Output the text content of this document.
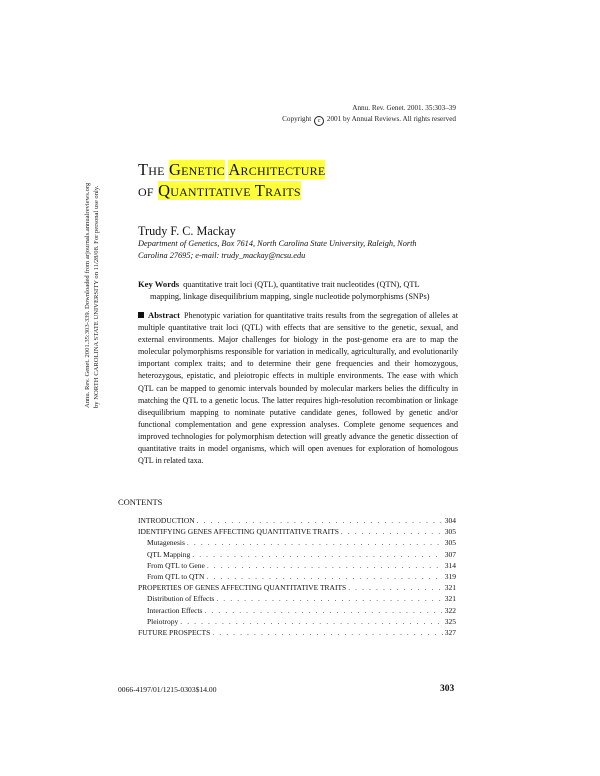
Annu. Rev. Genet. 2001. 35:303–39
Copyright c 2001 by Annual Reviews. All rights reserved
THE GENETIC ARCHITECTURE
OF QUANTITATIVE TRAITS
Trudy F. C. Mackay
Department of Genetics, Box 7614, North Carolina State University, Raleigh, North
Carolina 27695; e-mail: trudy_mackay@ncsu.edu
Key Words quantitative trait loci (QTL), quantitative trait nucleotides (QTN), QTL
mapping, linkage disequilibrium mapping, single nucleotide polymorphisms (SNPs)
Abstract Phenotypic variation for quantitative traits results from the segregation of alleles at multiple quantitative trait loci (QTL) with effects that are sensitive to the genetic, sexual, and external environments. Major challenges for biology in the post-genome era are to map the molecular polymorphisms responsible for variation in medically, agriculturally, and evolutionarily important complex traits; and to determine their gene frequencies and their homozygous, heterozygous, epistatic, and pleiotropic effects in multiple environments. The ease with which QTL can be mapped to genomic intervals bounded by molecular markers belies the difficulty in matching the QTL to a genetic locus. The latter requires high-resolution recombination or linkage disequilibrium mapping to nominate putative candidate genes, followed by genetic and/or functional complementation and gene expression analyses. Complete genome sequences and improved technologies for polymorphism detection will greatly advance the genetic dissection of quantitative traits in model organisms, which will open avenues for exploration of homologous QTL in related taxa.
Annu. Rev. Genet. 2001.35:303-339. Downloaded from arjournals.annualreviews.org by NORTH CAROLINA STATE UNIVERSITY on 11/28/08. For personal use only.
CONTENTS
INTRODUCTION . . .	304
IDENTIFYING GENES AFFECTING QUANTITATIVE TRAITS . . .	305
Mutagenesis . . .	305
QTL Mapping . . .	307
From QTL to Gene . . .	314
From QTL to QTN . . .	319
PROPERTIES OF GENES AFFECTING QUANTITATIVE TRAITS . . .	321
Distribution of Effects . . .	321
Interaction Effects . . .	322
Pleiotropy . . .	325
FUTURE PROSPECTS . . .	327
0066-4197/01/1215-0303$14.00	303
